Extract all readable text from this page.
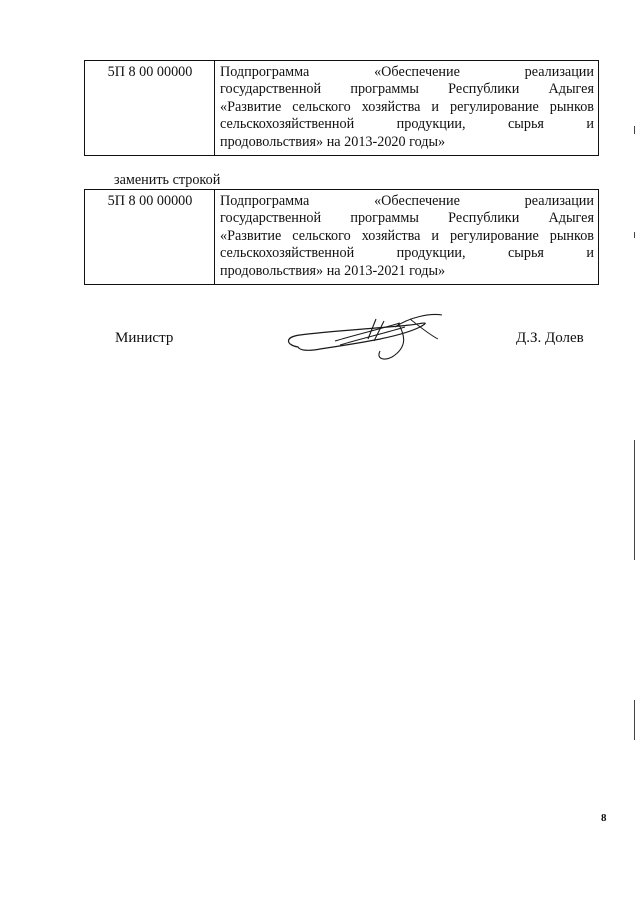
5П 8 00 00000	Подпрограмма «Обеспечение реализации
государственной программы Республики Адыгея
«Развитие сельского хозяйства и регулирование рынков
сельскохозяйственной продукции, сырья и
продовольствия» на 2013-2020 годы»
заменить строкой
5П 8 00 00000	Подпрограмма «Обеспечение реализации
государственной программы Республики Адыгея
«Развитие сельского хозяйства и регулирование рынков
сельскохозяйственной продукции, сырья и
продовольствия» на 2013-2021 годы»
Министр	Д.З. Долев
8
